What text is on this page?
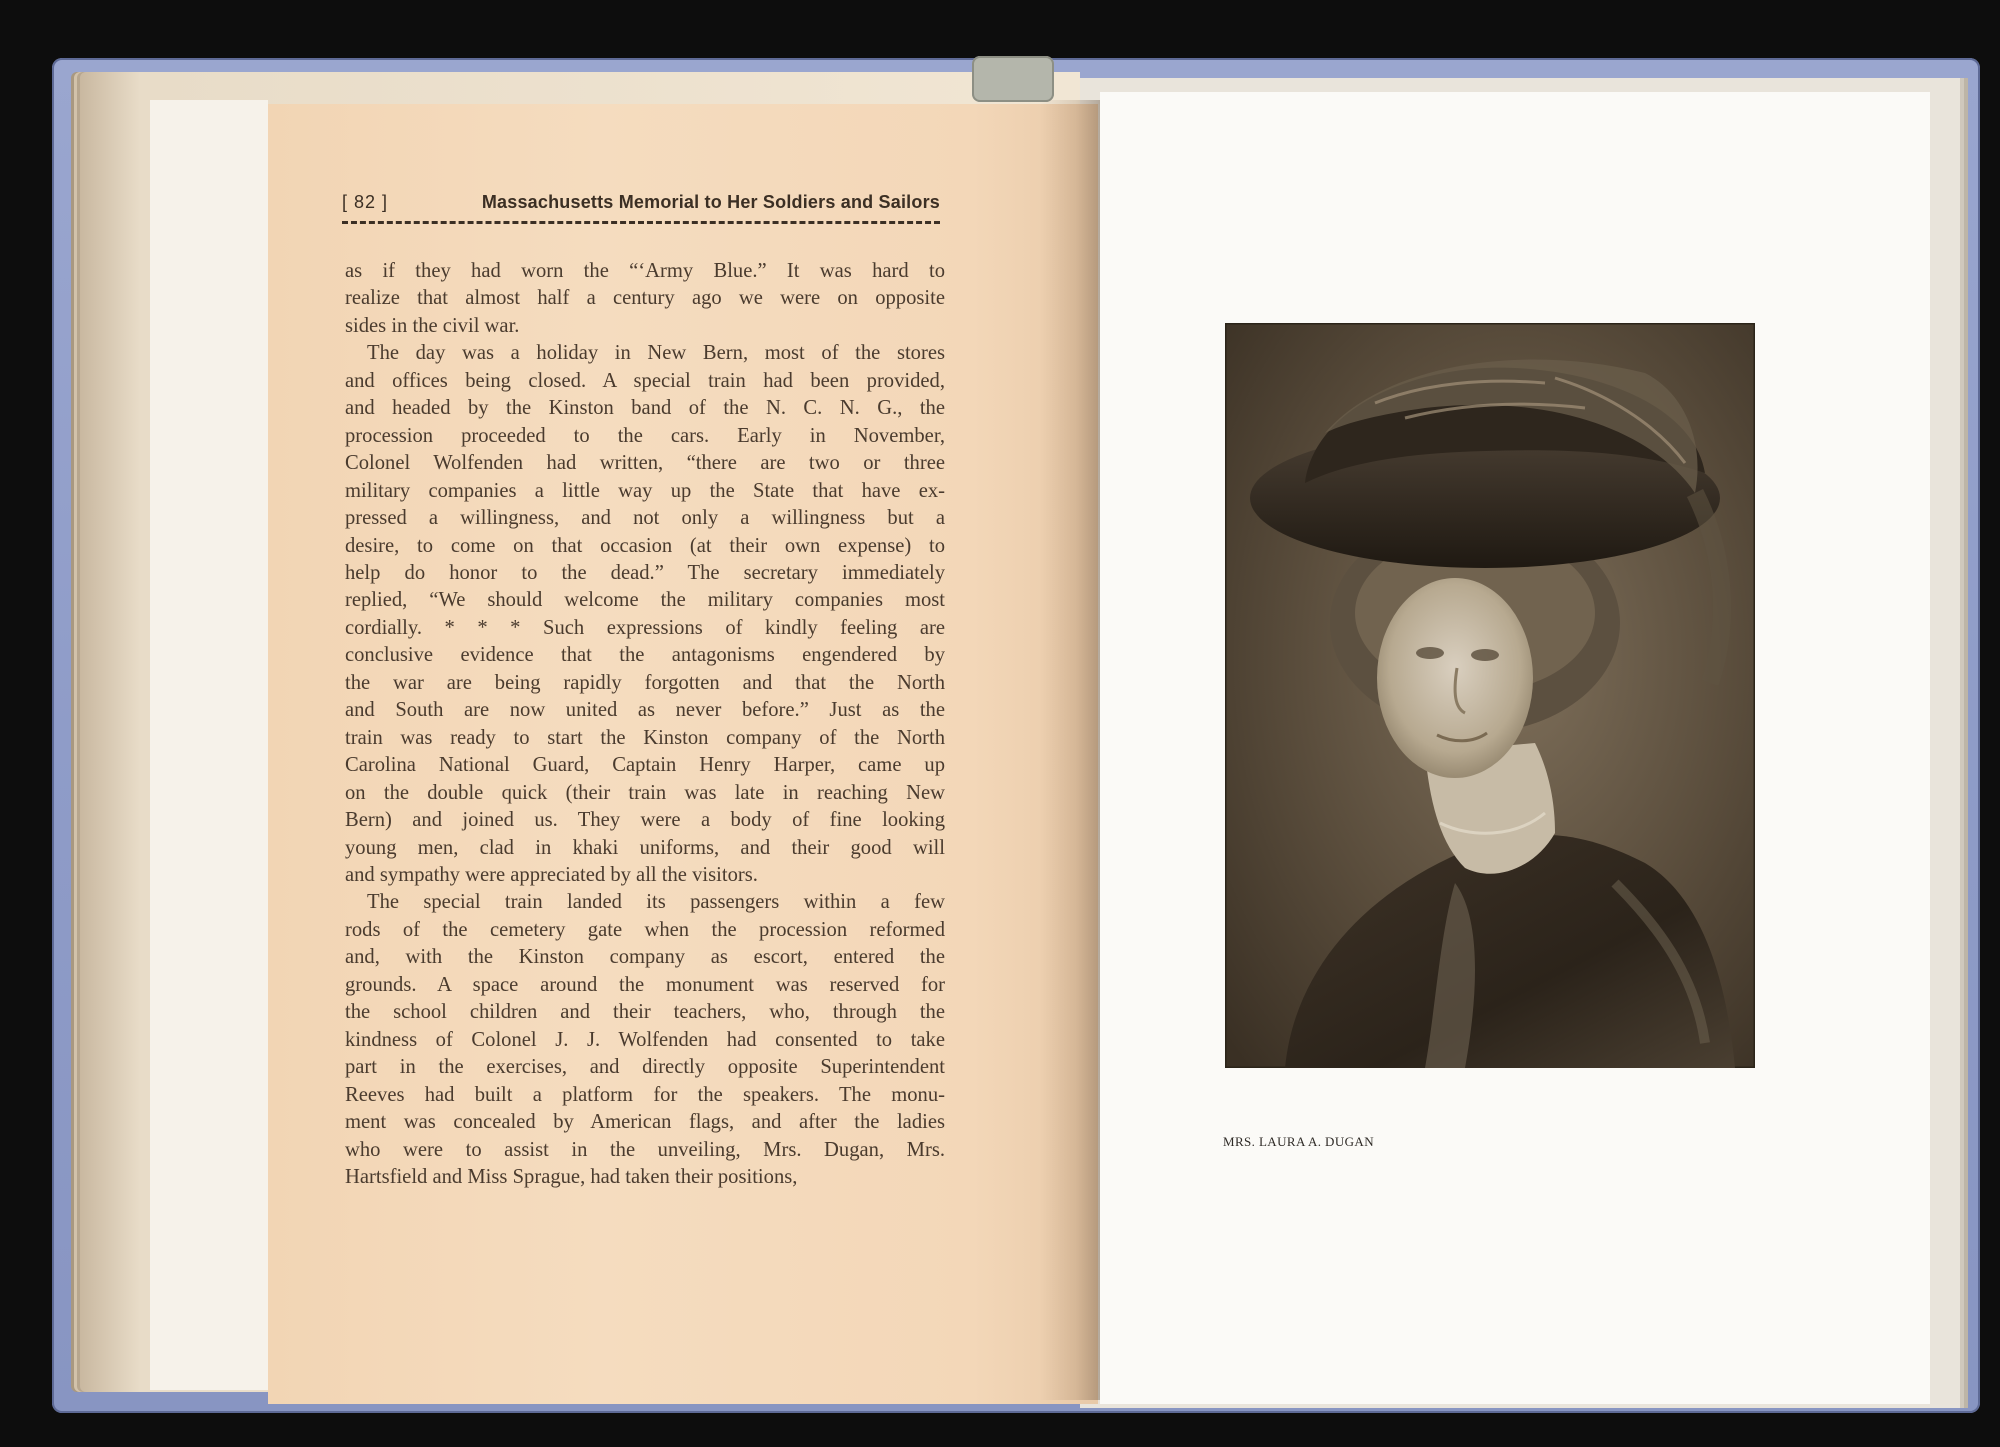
[ 82 ]	Massachusetts Memorial to Her Soldiers and Sailors

as if they had worn the “‘Army Blue.” It was hard to

realize that almost half a century ago we were on opposite

sides in the civil war.

The day was a holiday in New Bern, most of the stores

and offices being closed. A special train had been provided,

and headed by the Kinston band of the N. C. N. G., the

procession proceeded to the cars. Early in November,

Colonel Wolfenden had written, “there are two or three

military companies a little way up the State that have ex-

pressed a willingness, and not only a willingness but a

desire, to come on that occasion (at their own expense) to

help do honor to the dead.” The secretary immediately

replied, “We should welcome the military companies most

cordially. * * * Such expressions of kindly feeling are

conclusive evidence that the antagonisms engendered by

the war are being rapidly forgotten and that the North

and South are now united as never before.” Just as the

train was ready to start the Kinston company of the North

Carolina National Guard, Captain Henry Harper, came up

on the double quick (their train was late in reaching New

Bern) and joined us. They were a body of fine looking

young men, clad in khaki uniforms, and their good will

and sympathy were appreciated by all the visitors.

The special train landed its passengers within a few

rods of the cemetery gate when the procession reformed

and, with the Kinston company as escort, entered the

grounds. A space around the monument was reserved for

the school children and their teachers, who, through the

kindness of Colonel J. J. Wolfenden had consented to take

part in the exercises, and directly opposite Superintendent

Reeves had built a platform for the speakers. The monu-

ment was concealed by American flags, and after the ladies

who were to assist in the unveiling, Mrs. Dugan, Mrs.

Hartsfield and Miss Sprague, had taken their positions,

MRS. LAURA A. DUGAN
